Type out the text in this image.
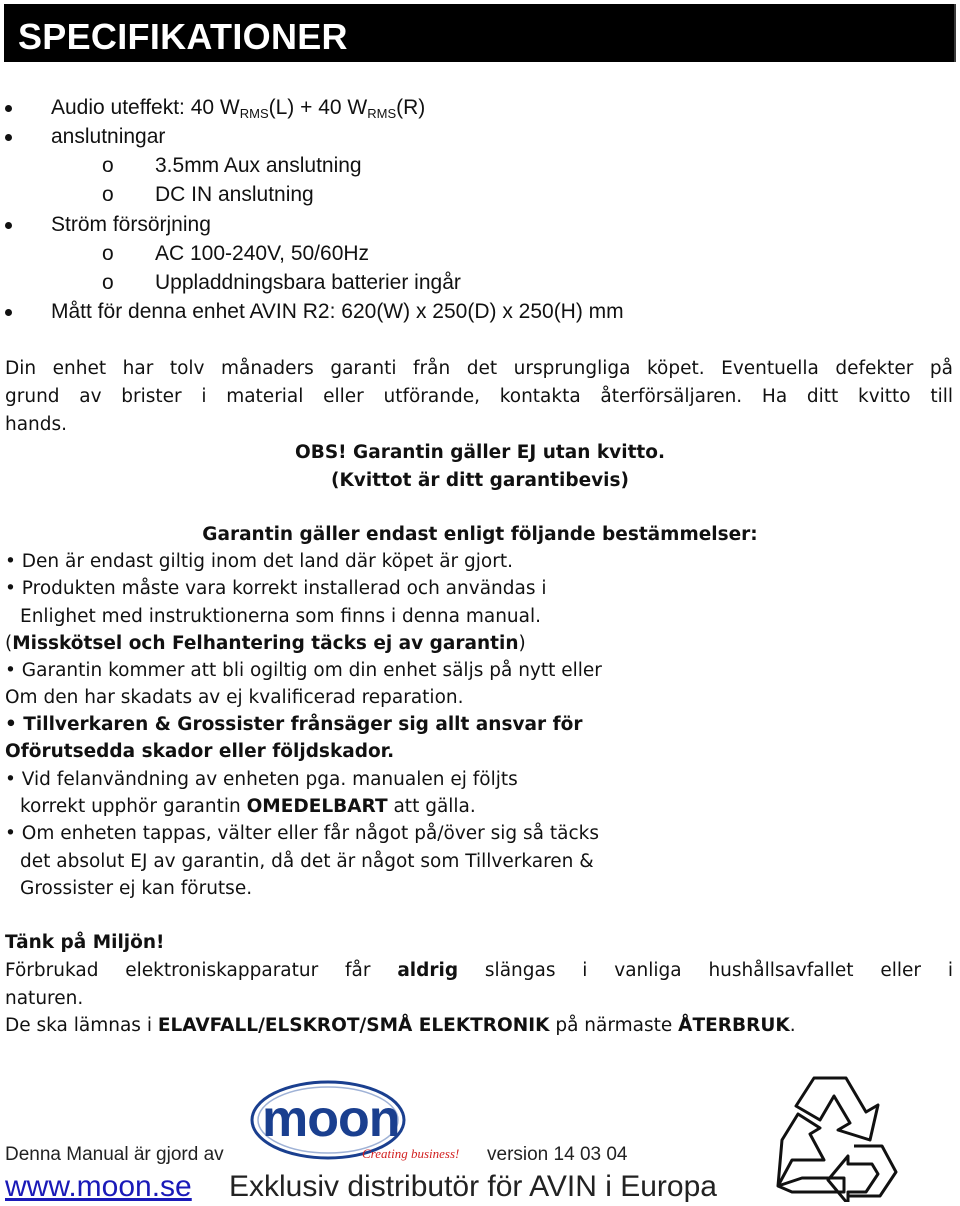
SPECIFIKATIONER
Audio uteffekt: 40 $W_{RMS}(L) + 40$ $W_{RMS}(R)$
anslutningar
o 3.5mm Aux anslutning
o DC IN anslutning
Ström försörjning
o AC 100-240V, 50/60Hz
o Uppladdningsbara batterier ingår
Mått för denna enhet AVIN R2: 620(W) x 250(D) x 250(H) mm
Din enhet har tolv månaders garanti från det ursprungliga köpet. Eventuella defekter på
grund av brister i material eller utförande, kontakta återförsäljaren. Ha ditt kvitto till
hands.
OBS! Garantin gäller EJ utan kvitto.
(Kvittot är ditt garantibevis)
Garantin gäller endast enligt följande bestämmelser:
• Den är endast giltig inom det land där köpet är gjort.
• Produkten måste vara korrekt installerad och användas i
Enlighet med instruktionerna som finns i denna manual.
(Misskötsel och Felhantering täcks ej av garantin)
• Garantin kommer att bli ogiltig om din enhet säljs på nytt eller
Om den har skadats av ej kvalificerad reparation.
• Tillverkaren & Grossister frånsäger sig allt ansvar för
Oförutsedda skador eller följdskador.
• Vid felanvändning av enheten pga. manualen ej följts
korrekt upphör garantin OMEDELBART att gälla.
• Om enheten tappas, välter eller får något på/över sig så täcks
det absolut EJ av garantin, då det är något som Tillverkaren &
Grossister ej kan förutse.
Tänk på Miljön!
Förbrukad elektroniskapparatur får aldrig slängas i vanliga hushållsavfallet eller i
naturen.
De ska lämnas i ELAVFALL/ELSKROT/SMÅ ELEKTRONIK på närmaste ÅTERBRUK.
moon
Creating business!
Denna Manual är gjord av	version 14 03 04
www.moon.se Exklusiv distributör för AVIN i Europa
